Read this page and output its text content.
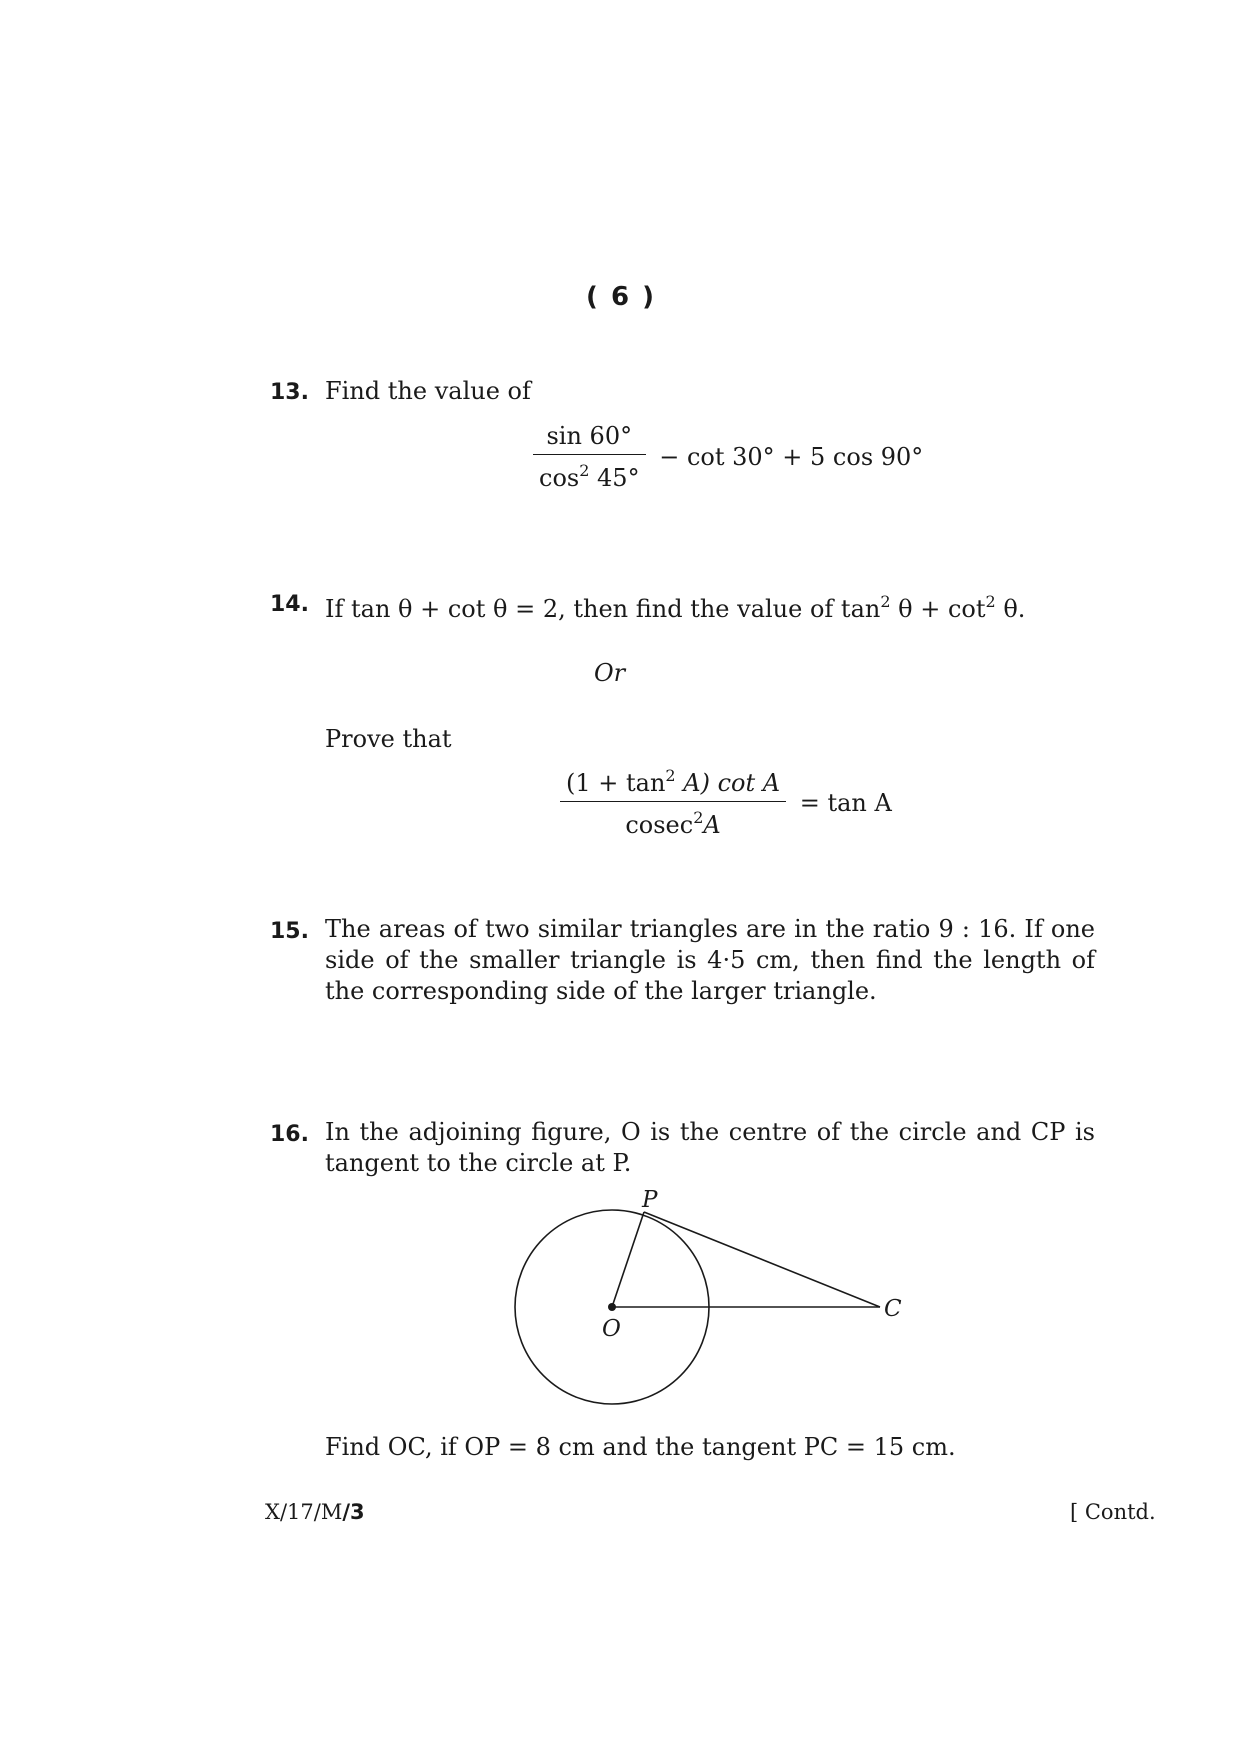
( 6 )
13. Find the value of
$\frac{\sin 60^\circ}{\cos^2 45^\circ} - \cot 30^\circ + 5$ cos 90°
14. If tan θ + cot θ = 2, then find the value of $\tan^2 \theta + \cot^2 \theta$.
Or
Prove that
$\frac{(1 + \tan^2 A) \cot A}{cosec^2A} = \tan A$
15. The areas of two similar triangles are in the ratio 9 : 16. If one
side of the smaller triangle is 4·5 cm, then find the length of
the corresponding side of the larger triangle.
16. In the adjoining figure, O is the centre of the circle and CP is
tangent to the circle at P.
P
O
C
Find OC, if OP = 8 cm and the tangent PC = 15 cm.
X/17/M/3	[ Contd.
